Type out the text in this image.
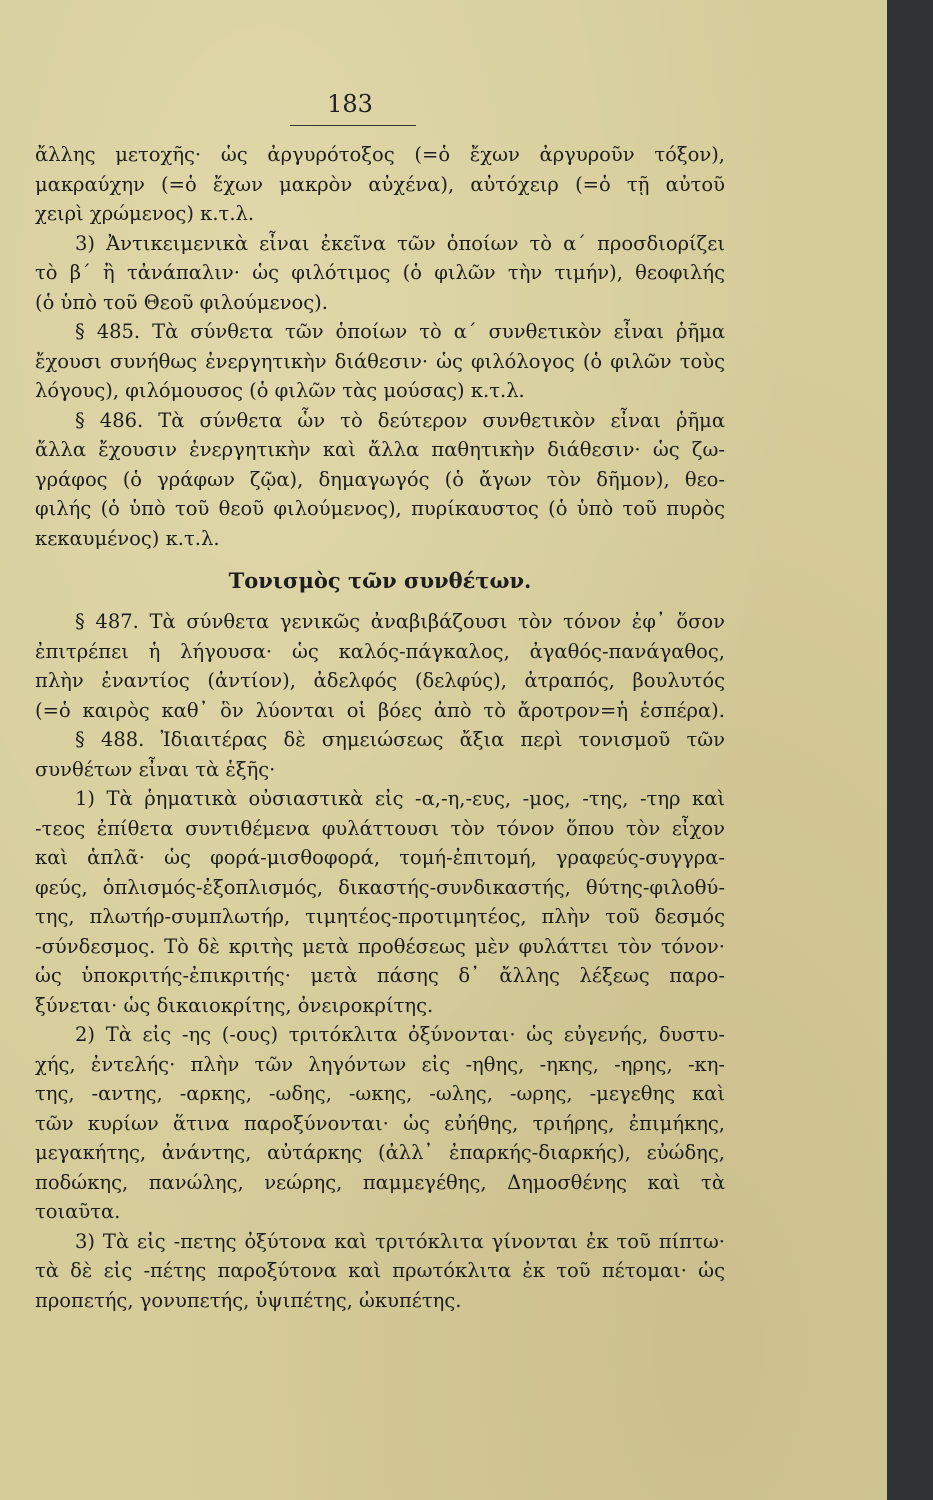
183
ἄλλης μετοχῆς· ὡς ἀργυρότοξος (=ὁ ἔχων ἀργυροῦν τόξον),
μακραύχην (=ὁ ἔχων μακρὸν αὐχένα), αὐτόχειρ (=ὁ τῇ αὐτοῦ
χειρὶ χρώμενος) κ.τ.λ.
3) Ἀντικειμενικὰ εἶναι ἐκεῖνα τῶν ὁποίων τὸ α΄ προσδιορίζει
τὸ β΄ ἢ τἀνάπαλιν· ὡς φιλότιμος (ὁ φιλῶν τὴν τιμήν), θεοφιλής
(ὁ ὑπὸ τοῦ Θεοῦ φιλούμενος).
§ 485. Τὰ σύνθετα τῶν ὁποίων τὸ α΄ συνθετικὸν εἶναι ῥῆμα
ἔχουσι συνήθως ἐνεργητικὴν διάθεσιν· ὡς φιλόλογος (ὁ φιλῶν τοὺς
λόγους), φιλόμουσος (ὁ φιλῶν τὰς μούσας) κ.τ.λ.
§ 486. Τὰ σύνθετα ὧν τὸ δεύτερον συνθετικὸν εἶναι ῥῆμα
ἄλλα ἔχουσιν ἐνεργητικὴν καὶ ἄλλα παθητικὴν διάθεσιν· ὡς ζω-
γράφος (ὁ γράφων ζῷα), δημαγωγός (ὁ ἄγων τὸν δῆμον), θεο-
φιλής (ὁ ὑπὸ τοῦ θεοῦ φιλούμενος), πυρίκαυστος (ὁ ὑπὸ τοῦ πυρὸς
κεκαυμένος) κ.τ.λ.
Τονισμὸς τῶν συνθέτων.
§ 487. Τὰ σύνθετα γενικῶς ἀναβιβάζουσι τὸν τόνον ἐφ᾽ ὅσον
ἐπιτρέπει ἡ λήγουσα· ὡς καλός-πάγκαλος, ἀγαθός-πανάγαθος,
πλὴν ἐναντίος (ἀντίον), ἀδελφός (δελφύς), ἀτραπός, βουλυτός
(=ὁ καιρὸς καθ᾽ ὃν λύονται οἱ βόες ἀπὸ τὸ ἄροτρον=ἡ ἑσπέρα).
§ 488. Ἰδιαιτέρας δὲ σημειώσεως ἄξια περὶ τονισμοῦ τῶν
συνθέτων εἶναι τὰ ἑξῆς·
1) Τὰ ῥηματικὰ οὐσιαστικὰ εἰς -α,-η,-ευς, -μος, -της, -τηρ καὶ
-τεος ἐπίθετα συντιθέμενα φυλάττουσι τὸν τόνον ὅπου τὸν εἶχον
καὶ ἁπλᾶ· ὡς φορά-μισθοφορά, τομή-ἐπιτομή, γραφεύς-συγγρα-
φεύς, ὁπλισμός-ἐξοπλισμός, δικαστής-συνδικαστής, θύτης-φιλοθύ-
της, πλωτήρ-συμπλωτήρ, τιμητέος-προτιμητέος, πλὴν τοῦ δεσμός
-σύνδεσμος. Τὸ δὲ κριτὴς μετὰ προθέσεως μὲν φυλάττει τὸν τόνον·
ὡς ὑποκριτής-ἐπικριτής· μετὰ πάσης δ᾽ ἄλλης λέξεως παρο-
ξύνεται· ὡς δικαιοκρίτης, ὀνειροκρίτης.
2) Τὰ εἰς -ης (-ους) τριτόκλιτα ὀξύνονται· ὡς εὐγενής, δυστυ-
χής, ἐντελής· πλὴν τῶν ληγόντων εἰς -ηθης, -ηκης, -ηρης, -κη-
της, -αντης, -αρκης, -ωδης, -ωκης, -ωλης, -ωρης, -μεγεθης καὶ
τῶν κυρίων ἅτινα παροξύνονται· ὡς εὐήθης, τριήρης, ἐπιμήκης,
μεγακήτης, ἀνάντης, αὐτάρκης (ἀλλ᾽ ἐπαρκής-διαρκής), εὐώδης,
ποδώκης, πανώλης, νεώρης, παμμεγέθης, Δημοσθένης καὶ τὰ
τοιαῦτα.
3) Τὰ εἰς -πετης ὀξύτονα καὶ τριτόκλιτα γίνονται ἐκ τοῦ πίπτω·
τὰ δὲ εἰς -πέτης παροξύτονα καὶ πρωτόκλιτα ἐκ τοῦ πέτομαι· ὡς
προπετής, γονυπετής, ὑψιπέτης, ὠκυπέτης.
